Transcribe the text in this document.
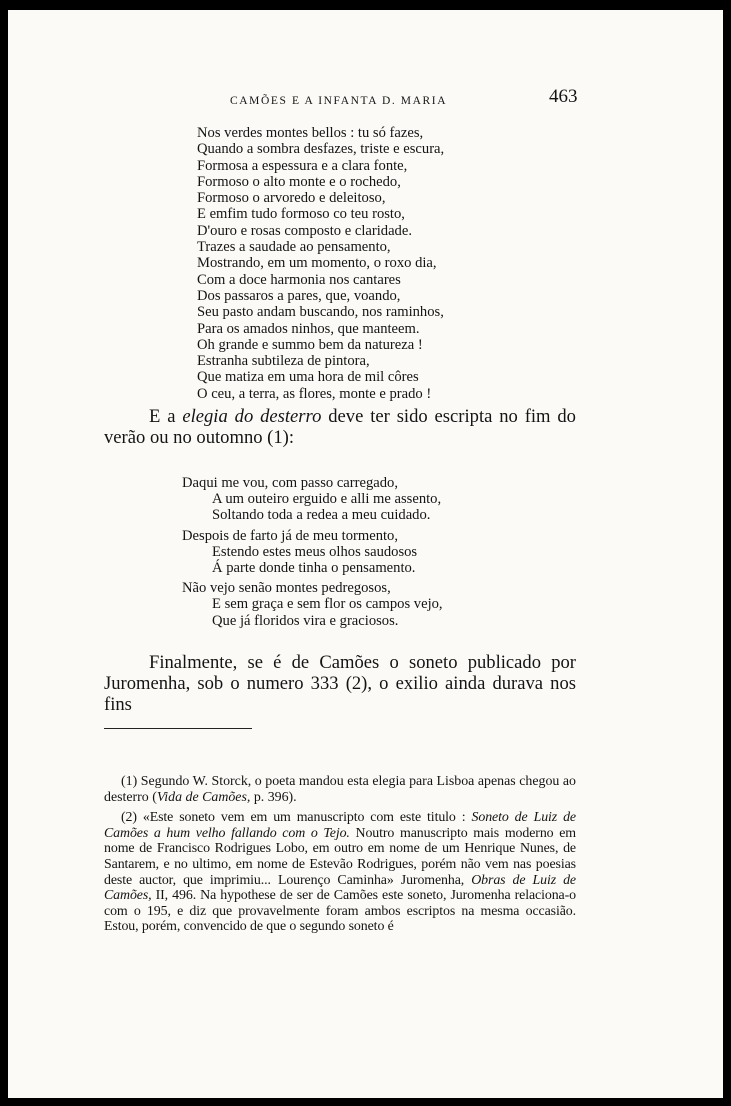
CAMÕES E A INFANTA D. MARIA	463
Nos verdes montes bellos : tu só fazes,
Quando a sombra desfazes, triste e escura,
Formosa a espessura e a clara fonte,
Formoso o alto monte e o rochedo,
Formoso o arvoredo e deleitoso,
E emfim tudo formoso co teu rosto,
D'ouro e rosas composto e claridade.
Trazes a saudade ao pensamento,
Mostrando, em um momento, o roxo dia,
Com a doce harmonia nos cantares
Dos passaros a pares, que, voando,
Seu pasto andam buscando, nos raminhos,
Para os amados ninhos, que manteem.
Oh grande e summo bem da natureza !
Estranha subtileza de pintora,
Que matiza em uma hora de mil côres
O ceu, a terra, as flores, monte e prado !

E a elegia do desterro deve ter sido escripta no fim do verão ou no outomno (1):

Daqui me vou, com passo carregado,
A um outeiro erguido e alli me assento,
Soltando toda a redea a meu cuidado.
Despois de farto já de meu tormento,
Estendo estes meus olhos saudosos
Á parte donde tinha o pensamento.
Não vejo senão montes pedregosos,
E sem graça e sem flor os campos vejo,
Que já floridos vira e graciosos.

Finalmente, se é de Camões o soneto publicado por Juromenha, sob o numero 333 (2), o exilio ainda durava nos fins

(1) Segundo W. Storck, o poeta mandou esta elegia para Lisboa apenas chegou ao desterro (Vida de Camões, p. 396).

(2) «Este soneto vem em um manuscripto com este titulo : Soneto de Luiz de Camões a hum velho fallando com o Tejo. Noutro manuscripto mais moderno em nome de Francisco Rodrigues Lobo, em outro em nome de um Henrique Nunes, de Santarem, e no ultimo, em nome de Estevão Rodrigues, porém não vem nas poesias deste auctor, que imprimiu... Lourenço Caminha» Juromenha, Obras de Luiz de Camões, II, 496. Na hypothese de ser de Camões este soneto, Juromenha relaciona-o com o 195, e diz que provavelmente foram ambos escriptos na mesma occasião. Estou, porém, convencido de que o segundo soneto é
